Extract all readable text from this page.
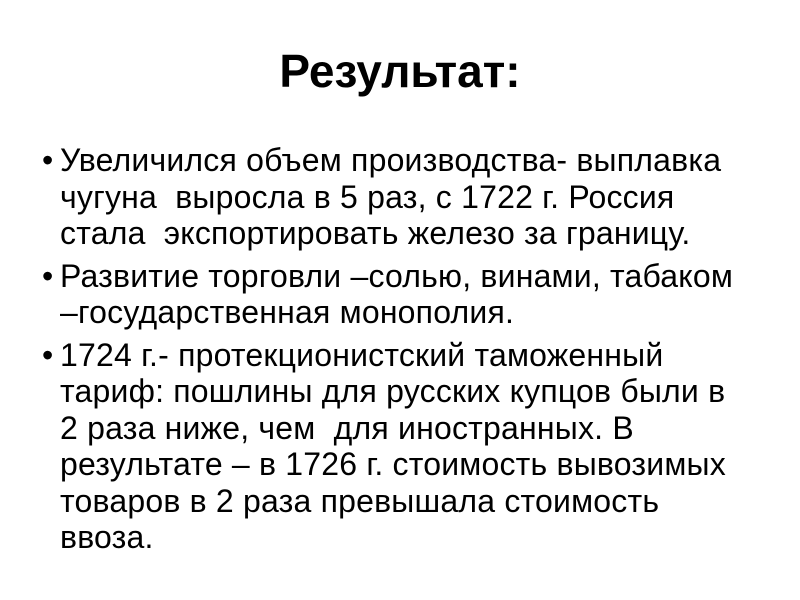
Результат:
• Увеличился объем производства- выплавка
чугуна  выросла в 5 раз, с 1722 г. Россия
стала  экспортировать железо за границу.
• Развитие торговли –солью, винами, табаком
–государственная монополия.
• 1724 г.- протекционистский таможенный
тариф: пошлины для русских купцов были в
2 раза ниже, чем  для иностранных. В
результате – в 1726 г. стоимость вывозимых
товаров в 2 раза превышала стоимость
ввоза.
